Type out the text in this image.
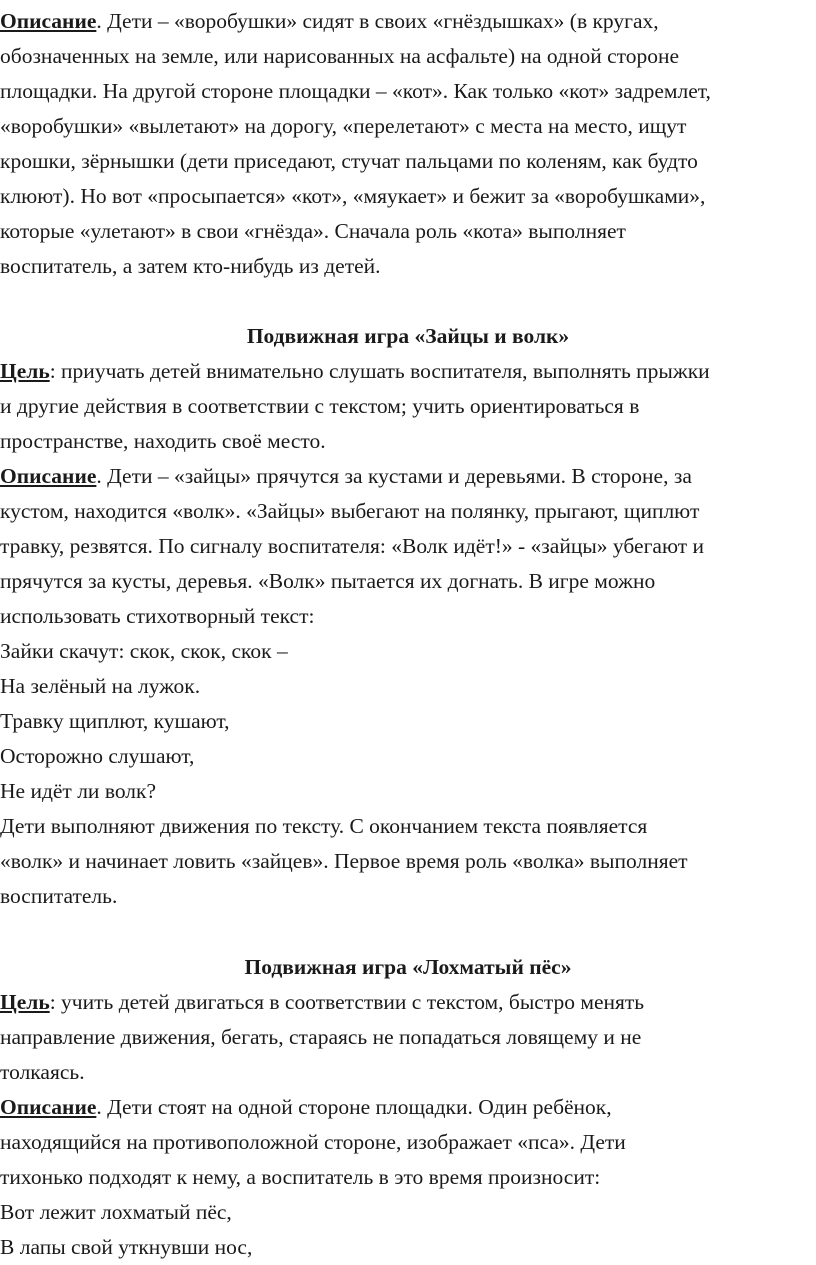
Описание. Дети – «воробушки» сидят в своих «гнёздышках» (в кругах,
обозначенных на земле, или нарисованных на асфальте) на одной стороне
площадки. На другой стороне площадки – «кот». Как только «кот» задремлет,
«воробушки» «вылетают» на дорогу, «перелетают» с места на место, ищут
крошки, зёрнышки (дети приседают, стучат пальцами по коленям, как будто
клюют). Но вот «просыпается» «кот», «мяукает» и бежит за «воробушками»,
которые «улетают» в свои «гнёзда». Сначала роль «кота» выполняет
воспитатель, а затем кто-нибудь из детей.
Подвижная игра «Зайцы и волк»
Цель: приучать детей внимательно слушать воспитателя, выполнять прыжки
и другие действия в соответствии с текстом; учить ориентироваться в
пространстве, находить своё место.
Описание. Дети – «зайцы» прячутся за кустами и деревьями. В стороне, за
кустом, находится «волк». «Зайцы» выбегают на полянку, прыгают, щиплют
травку, резвятся. По сигналу воспитателя: «Волк идёт!» - «зайцы» убегают и
прячутся за кусты, деревья. «Волк» пытается их догнать. В игре можно
использовать стихотворный текст:
Зайки скачут: скок, скок, скок –
На зелёный на лужок.
Травку щиплют, кушают,
Осторожно слушают,
Не идёт ли волк?
Дети выполняют движения по тексту. С окончанием текста появляется
«волк» и начинает ловить «зайцев». Первое время роль «волка» выполняет
воспитатель.
Подвижная игра «Лохматый пёс»
Цель: учить детей двигаться в соответствии с текстом, быстро менять
направление движения, бегать, стараясь не попадаться ловящему и не
толкаясь.
Описание. Дети стоят на одной стороне площадки. Один ребёнок,
находящийся на противоположной стороне, изображает «пса». Дети
тихонько подходят к нему, а воспитатель в это время произносит:
Вот лежит лохматый пёс,
В лапы свой уткнувши нос,
